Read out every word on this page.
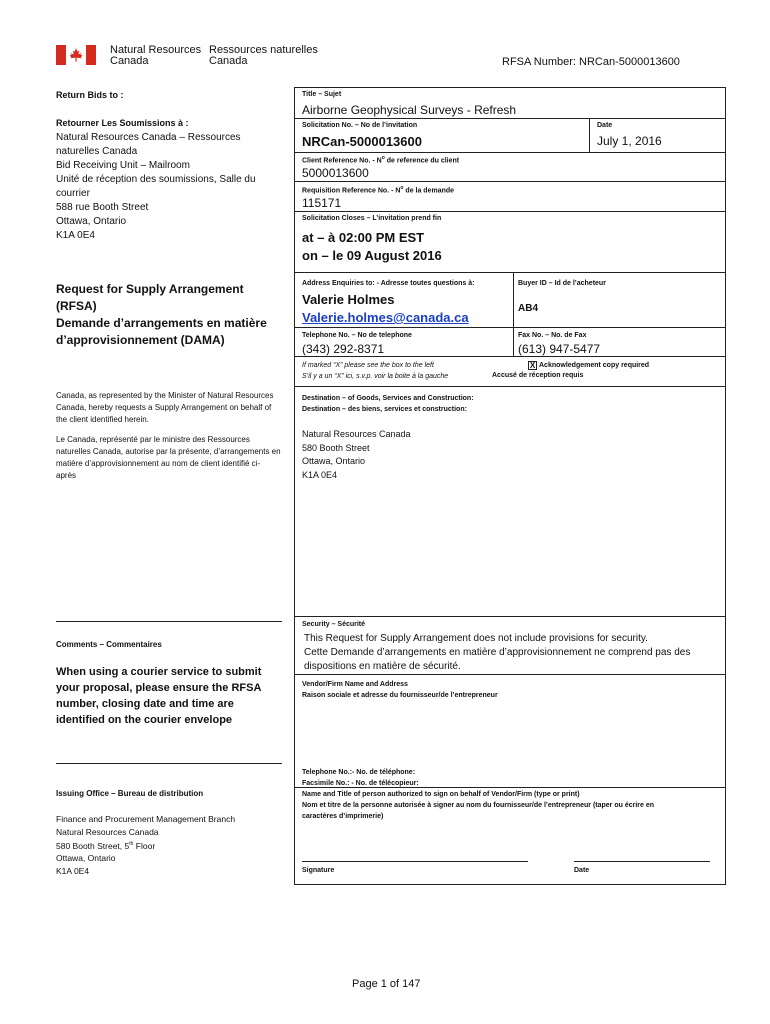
Natural Resources
Canada
Ressources naturelles
Canada	RFSA Number: NRCan-5000013600
Return Bids to :
Retourner Les Soumissions à :
Natural Resources Canada – Ressources
naturelles Canada
Bid Receiving Unit – Mailroom
Unité de réception des soumissions, Salle du
courrier
588 rue Booth Street
Ottawa, Ontario
K1A 0E4
Request for Supply Arrangement
(RFSA)
Demande d’arrangements en matière
d’approvisionnement (DAMA)
Canada, as represented by the Minister of Natural Resources
Canada, hereby requests a Supply Arrangement on behalf of
the client identified herein.
Le Canada, représenté par le ministre des Ressources
naturelles Canada, autorise par la présente, d’arrangements en
matière d’approvisionnement au nom de client identifié ci-
après
Comments – Commentaires
When using a courier service to submit
your proposal, please ensure the RFSA
number, closing date and time are
identified on the courier envelope
Issuing Office – Bureau de distribution
Finance and Procurement Management Branch
Natural Resources Canada
580 Booth Street, 5th Floor
Ottawa, Ontario
K1A 0E4
Title – Sujet
Airborne Geophysical Surveys - Refresh
Solicitation No. – No de l’invitation
NRCan-5000013600
Date
July 1, 2016
Client Reference No. - $N^o$ de reference du client
5000013600
Requisition Reference No. - $N^o$ de la demande
115171
Solicitation Closes – L’invitation prend fin
at – à 02:00 PM EST
on – le 09 August 2016
Address Enquiries to: - Adresse toutes questions à:	Buyer ID – Id de l’acheteur
Valerie Holmes
Valerie.holmes@canada.ca
AB4
Telephone No. – No de telephone	Fax No. – No. de Fax
(343) 292-8371	(613) 947-5477
If marked “X” please see the box to the left
S’il y a un “X” ici, s.v.p. voir la boite à la gauche
X Acknowledgement copy required
Accusé de réception requis
Destination – of Goods, Services and Construction:
Destination – des biens, services et construction:
Natural Resources Canada
580 Booth Street
Ottawa, Ontario
K1A 0E4
Security – Sécurité
This Request for Supply Arrangement does not include provisions for security.
Cette Demande d’arrangements en matière d’approvisionnement ne comprend pas des
dispositions en matière de sécurité.
Vendor/Firm Name and Address
Raison sociale et adresse du fournisseur/de l’entrepreneur
Telephone No.:- No. de téléphone:
Facsimile No.: - No. de télécopieur:
Name and Title of person authorized to sign on behalf of Vendor/Firm (type or print)
Nom et titre de la personne autorisée à signer au nom du fournisseur/de l’entrepreneur (taper ou écrire en
caractères d’imprimerie)
Signature	Date
Page 1 of 147
